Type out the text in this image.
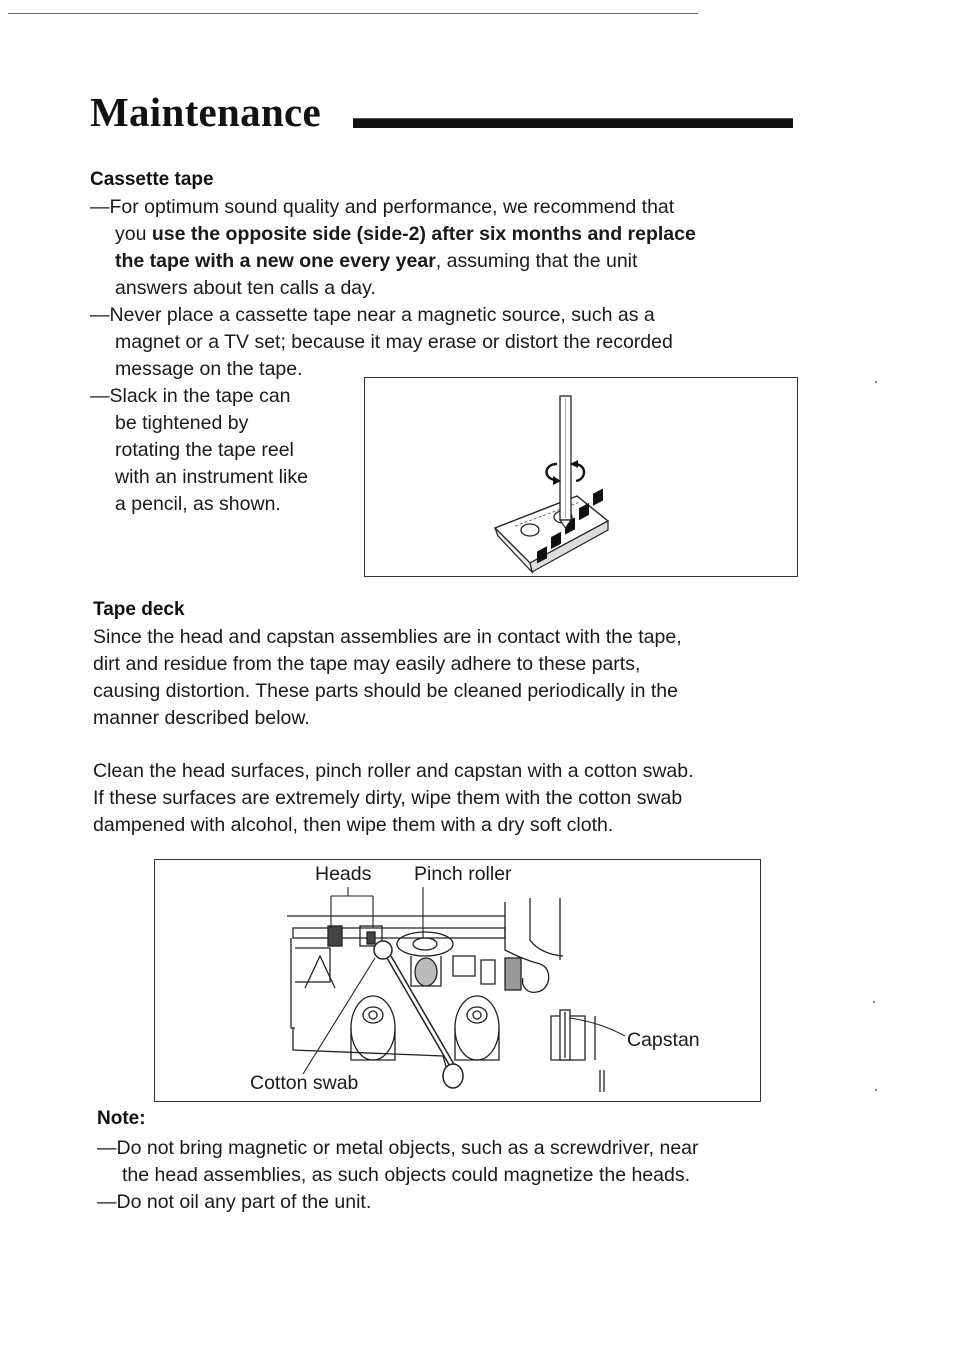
Maintenance
Cassette tape
—For optimum sound quality and performance, we recommend that
you use the opposite side (side-2) after six months and replace
the tape with a new one every year, assuming that the unit
answers about ten calls a day.
—Never place a cassette tape near a magnetic source, such as a
magnet or a TV set; because it may erase or distort the recorded
message on the tape.
—Slack in the tape can
be tightened by
rotating the tape reel
with an instrument like
a pencil, as shown.
Tape deck
Since the head and capstan assemblies are in contact with the tape,
dirt and residue from the tape may easily adhere to these parts,
causing distortion. These parts should be cleaned periodically in the
manner described below.
Clean the head surfaces, pinch roller and capstan with a cotton swab.
If these surfaces are extremely dirty, wipe them with the cotton swab
dampened with alcohol, then wipe them with a dry soft cloth.
Heads Pinch roller
Capstan
Cotton swab
Note:
—Do not bring magnetic or metal objects, such as a screwdriver, near
the head assemblies, as such objects could magnetize the heads.
—Do not oil any part of the unit.
